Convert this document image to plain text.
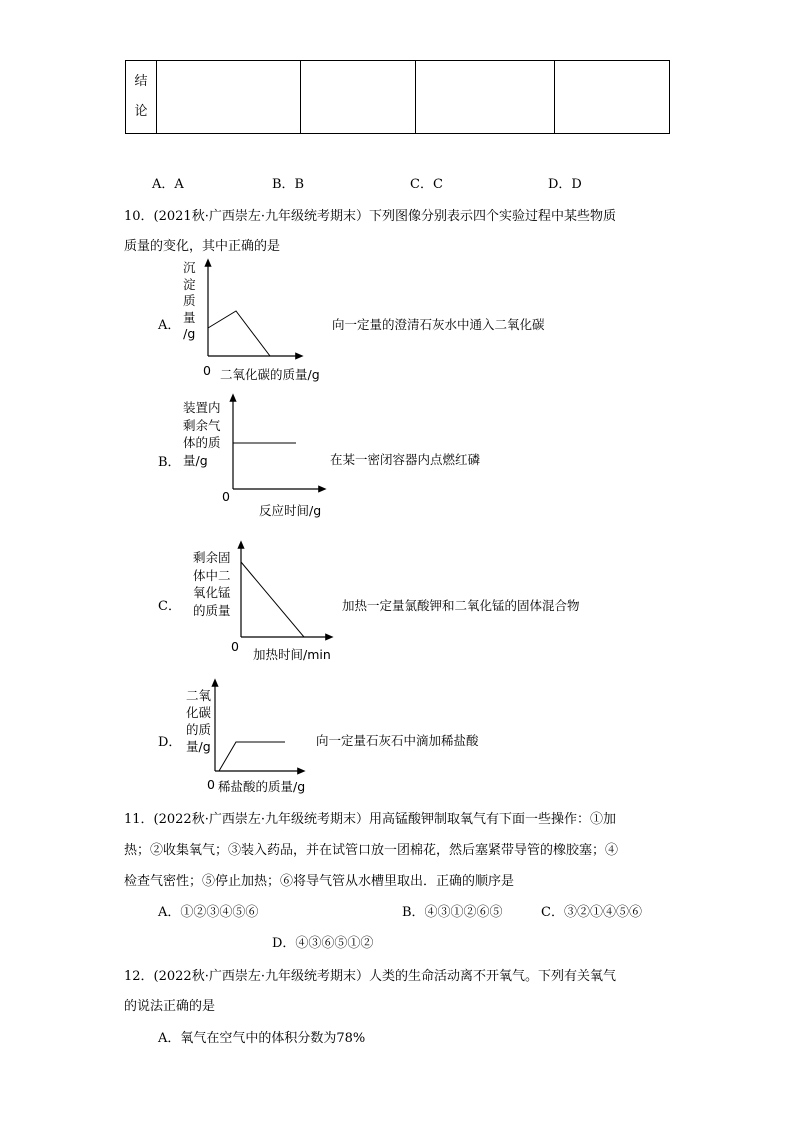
结
论

A．A	B．B	C．C	D．D
10．(2021秋·广西崇左·九年级统考期末）下列图像分别表示四个实验过程中某些物质
质量的变化，其中正确的是
A．
沉
淀
质
量
/g
0 二氧化碳的质量/g
向一定量的澄清石灰水中通入二氧化碳
B．
装置内
剩余气
体的质
量/g
0
反应时间/g
在某一密闭容器内点燃红磷
C．
剩余固
体中二
氧化锰
的质量
0
加热时间/min
加热一定量氯酸钾和二氧化锰的固体混合物
D．
二氧
化碳
的质
量/g
0 稀盐酸的质量/g
向一定量石灰石中滴加稀盐酸
11．(2022秋·广西崇左·九年级统考期末）用高锰酸钾制取氧气有下面一些操作：①加
热；②收集氧气；③装入药品，并在试管口放一团棉花，然后塞紧带导管的橡胶塞；④
检查气密性；⑤停止加热；⑥将导气管从水槽里取出．正确的顺序是
A．①②③④⑤⑥	B．④③①②⑥⑤	C．③②①④⑤⑥
D．④③⑥⑤①②
12．(2022秋·广西崇左·九年级统考期末）人类的生命活动离不开氧气。下列有关氧气
的说法正确的是
A．氧气在空气中的体积分数为78%
